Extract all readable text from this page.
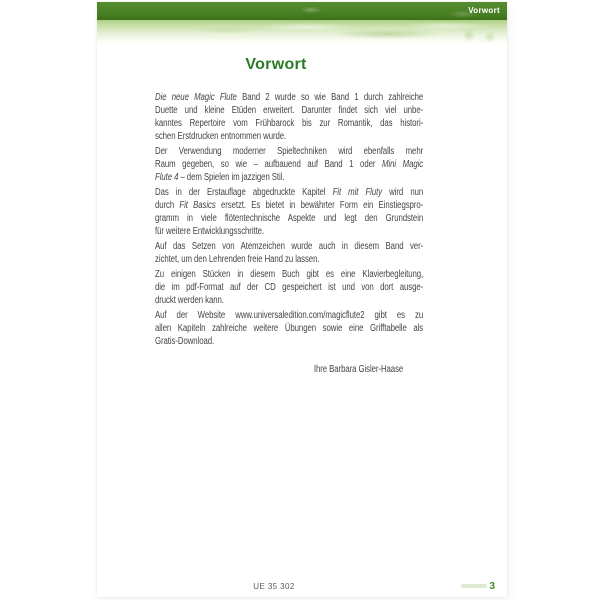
Vorwort
Vorwort
Die neue Magic Flute Band 2 wurde so wie Band 1 durch zahlreiche
Duette und kleine Etüden erweitert. Darunter findet sich viel unbe-
kanntes Repertoire vom Frühbarock bis zur Romantik, das histori-
schen Erstdrucken entnommen wurde.
Der Verwendung moderner Spieltechniken wird ebenfalls mehr
Raum gegeben, so wie – aufbauend auf Band 1 oder Mini Magic
Flute 4 – dem Spielen im jazzigen Stil.
Das in der Erstauflage abgedruckte Kapitel Fit mit Fluty wird nun
durch Fit Basics ersetzt. Es bietet in bewährter Form ein Einstiegspro-
gramm in viele flötentechnische Aspekte und legt den Grundstein
für weitere Entwicklungsschritte.
Auf das Setzen von Atemzeichen wurde auch in diesem Band ver-
zichtet, um den Lehrenden freie Hand zu lassen.
Zu einigen Stücken in diesem Buch gibt es eine Klavierbegleitung,
die im pdf-Format auf der CD gespeichert ist und von dort ausge-
druckt werden kann.
Auf der Website www.universaledition.com/magicflute2 gibt es zu
allen Kapiteln zahlreiche weitere Übungen sowie eine Grifftabelle als
Gratis-Download.
Ihre Barbara Gisler-Haase
UE 35 302	3
